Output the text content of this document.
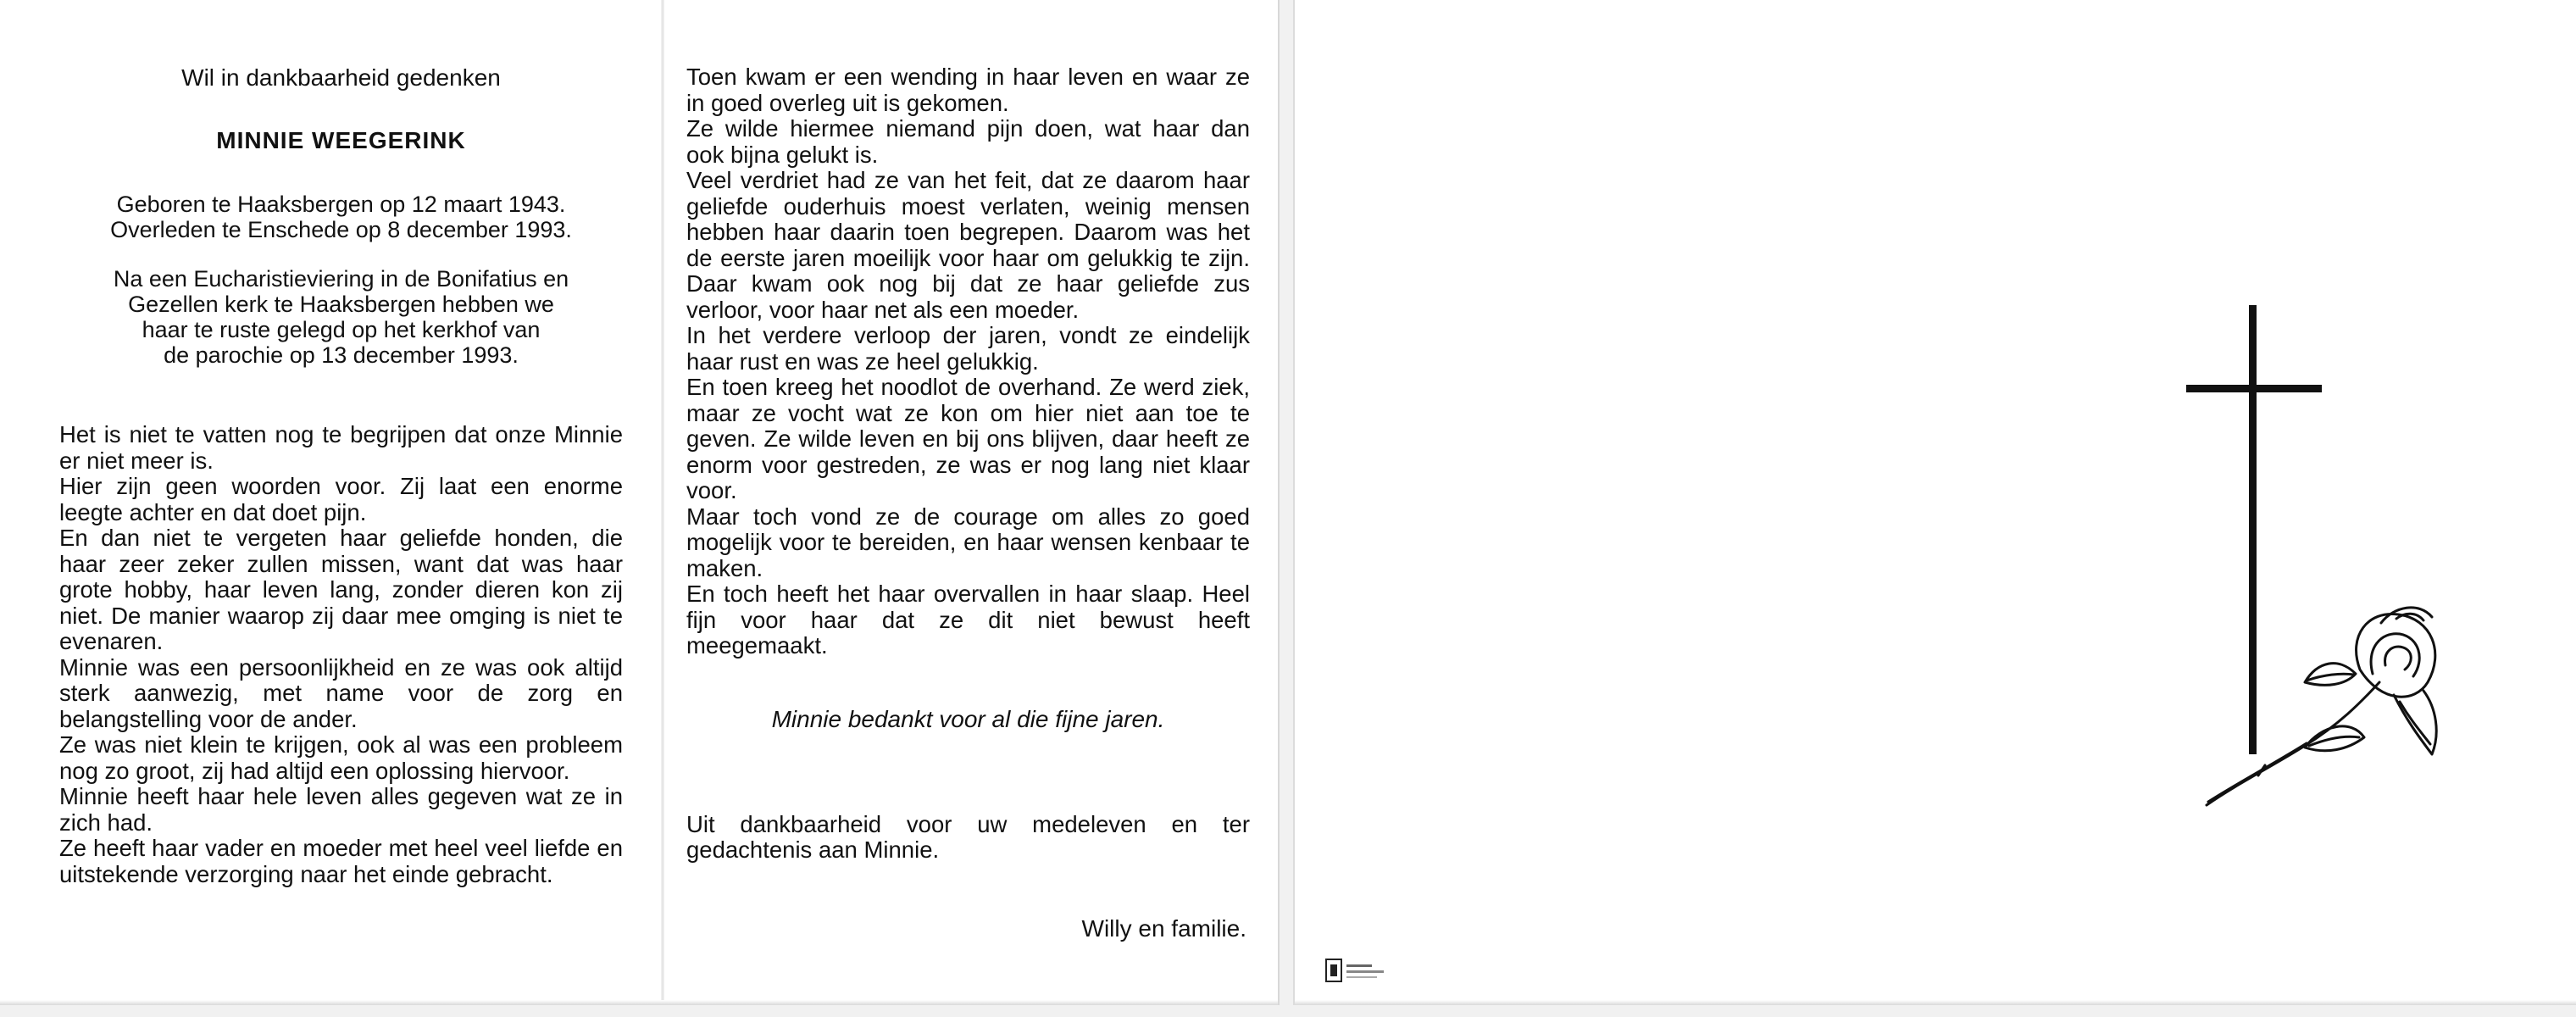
Wil in dankbaarheid gedenken

MINNIE WEEGERINK

Geboren te Haaksbergen op 12 maart 1943.

Overleden te Enschede op 8 december 1993.

Na een Eucharistieviering in de Bonifatius en

Gezellen kerk te Haaksbergen hebben we

haar te ruste gelegd op het kerkhof van

de parochie op 13 december 1993.

Het is niet te vatten nog te begrijpen dat onze Minnie er niet meer is.

Hier zijn geen woorden voor. Zij laat een enorme leegte achter en dat doet pijn.

En dan niet te vergeten haar geliefde honden, die haar zeer zeker zullen missen, want dat was haar grote hobby, haar leven lang, zonder dieren kon zij niet. De manier waarop zij daar mee omging is niet te evenaren.

Minnie was een persoonlijkheid en ze was ook altijd sterk aanwezig, met name voor de zorg en belangstelling voor de ander.

Ze was niet klein te krijgen, ook al was een probleem nog zo groot, zij had altijd een oplossing hiervoor.

Minnie heeft haar hele leven alles gegeven wat ze in zich had.

Ze heeft haar vader en moeder met heel veel liefde en uitstekende verzorging naar het einde gebracht.

Toen kwam er een wending in haar leven en waar ze in goed overleg uit is gekomen.

Ze wilde hiermee niemand pijn doen, wat haar dan ook bijna gelukt is.

Veel verdriet had ze van het feit, dat ze daarom haar geliefde ouderhuis moest verlaten, weinig mensen hebben haar daarin toen begrepen. Daarom was het de eerste jaren moeilijk voor haar om gelukkig te zijn. Daar kwam ook nog bij dat ze haar geliefde zus verloor, voor haar net als een moeder.

In het verdere verloop der jaren, vondt ze eindelijk haar rust en was ze heel gelukkig.

En toen kreeg het noodlot de overhand. Ze werd ziek, maar ze vocht wat ze kon om hier niet aan toe te geven. Ze wilde leven en bij ons blijven, daar heeft ze enorm voor gestreden, ze was er nog lang niet klaar voor.

Maar toch vond ze de courage om alles zo goed mogelijk voor te bereiden, en haar wensen kenbaar te maken.

En toch heeft het haar overvallen in haar slaap. Heel fijn voor haar dat ze dit niet bewust heeft meegemaakt.

Minnie bedankt voor al die fijne jaren.

Uit dankbaarheid voor uw medeleven en ter gedachtenis aan Minnie.

Willy en familie.
